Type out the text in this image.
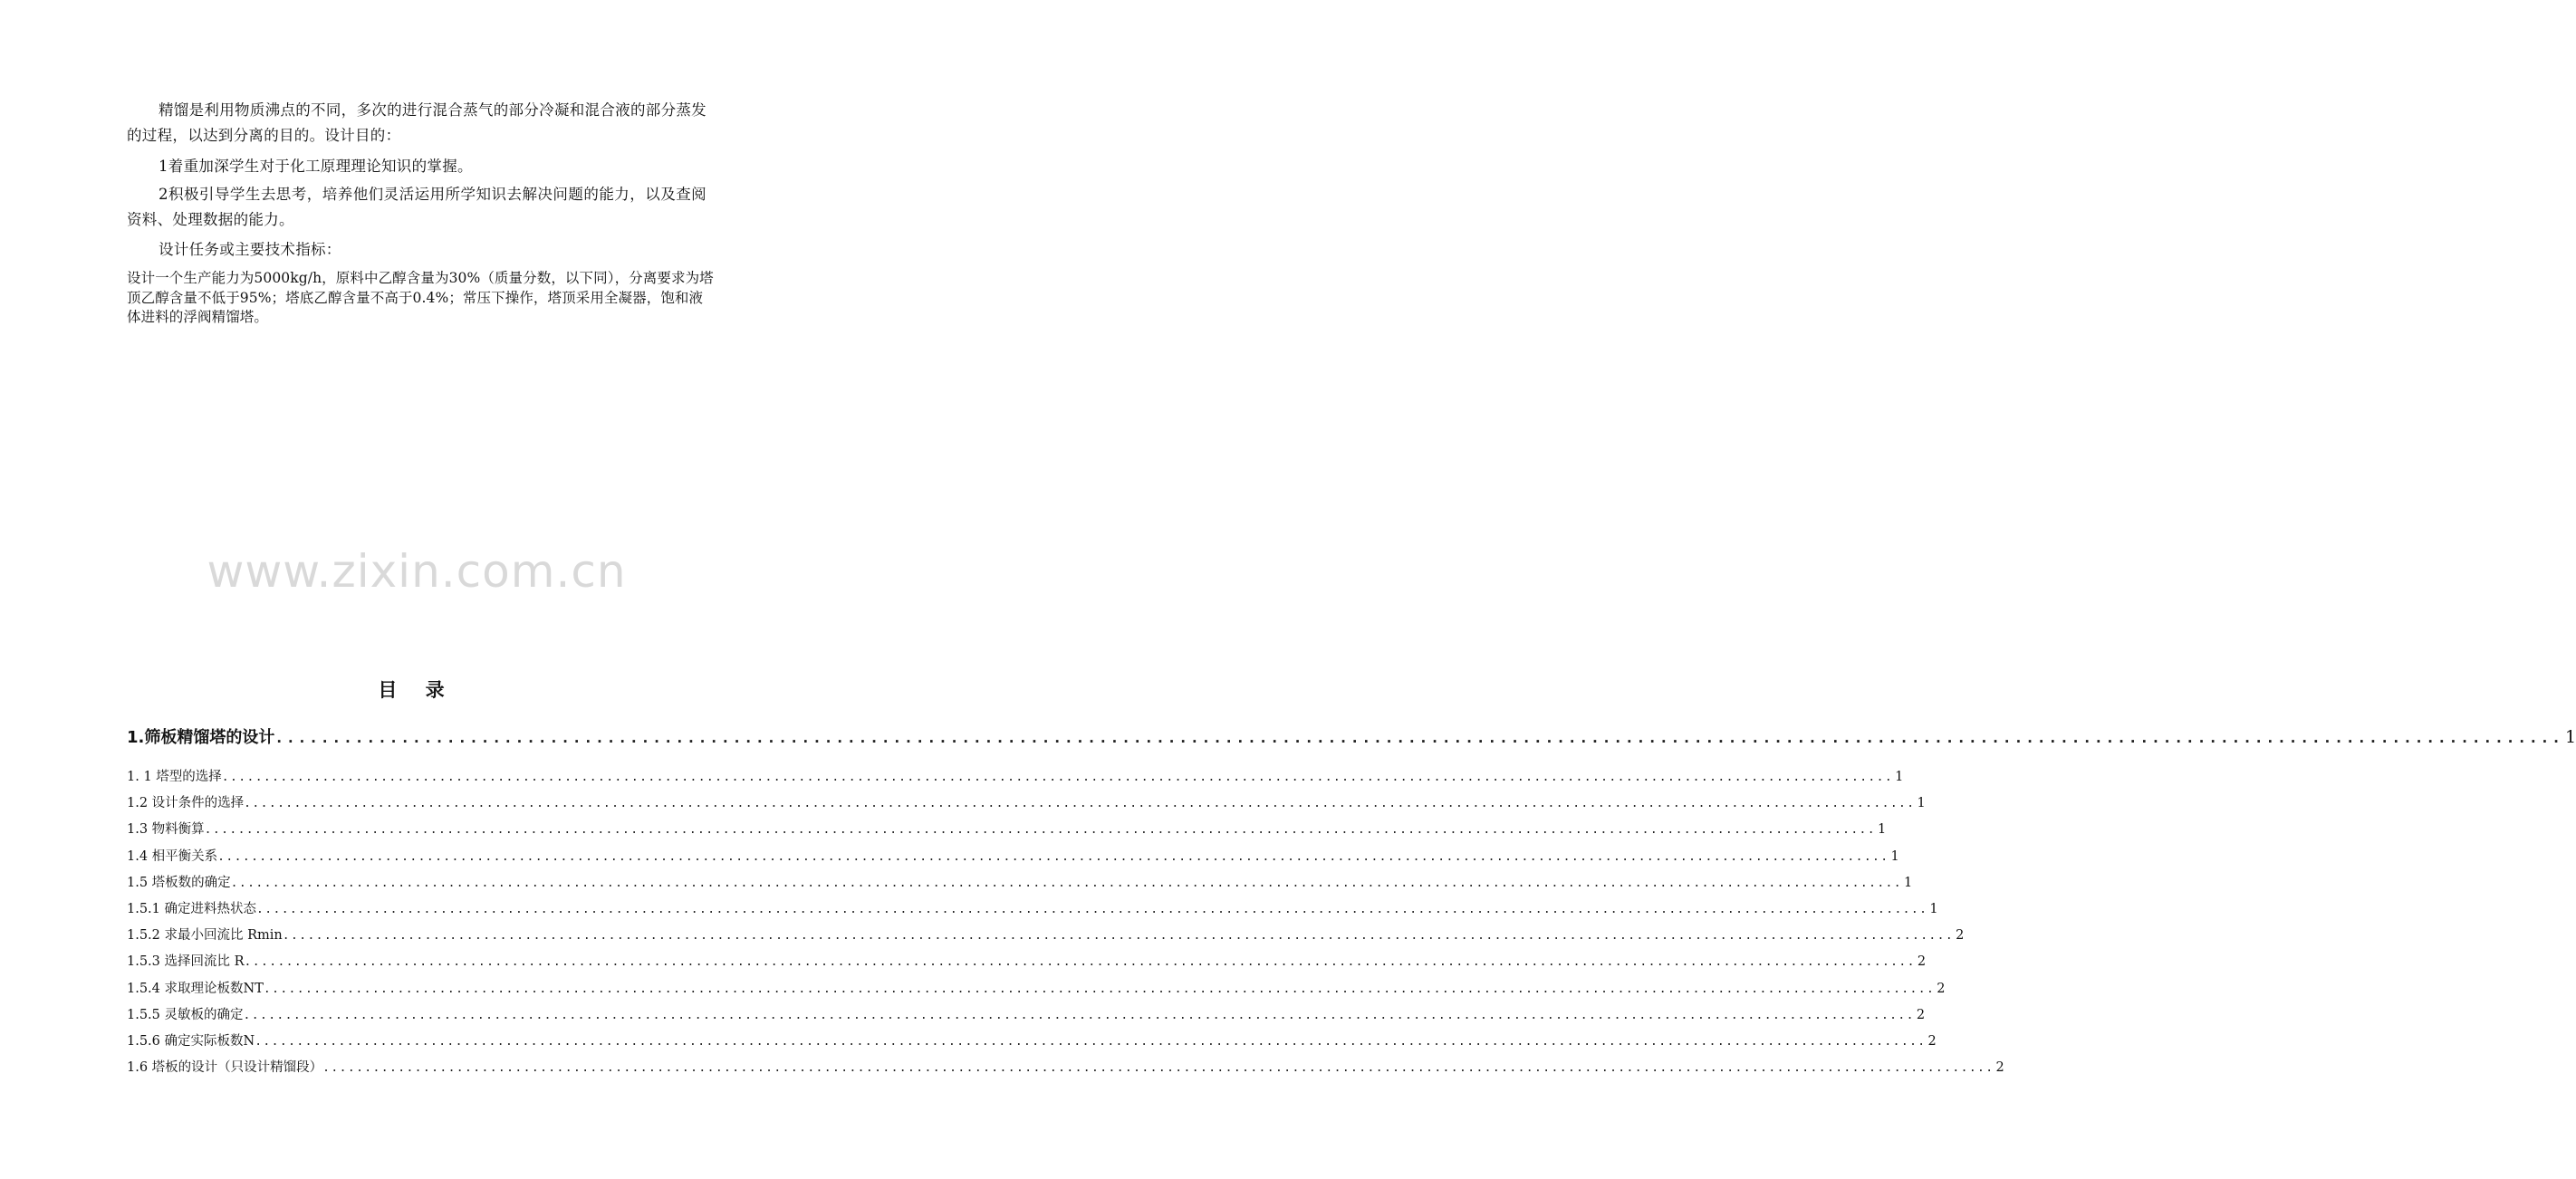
精馏是利用物质沸点的不同，多次的进行混合蒸气的部分冷凝和混合液的部分蒸发的过程，以达到分离的目的。设计目的：

1着重加深学生对于化工原理理论知识的掌握。

2积极引导学生去思考，培养他们灵活运用所学知识去解决问题的能力，以及查阅资料、处理数据的能力。

设计任务或主要技术指标：

设计一个生产能力为5000kg/h，原料中乙醇含量为30%（质量分数，以下同），分离要求为塔顶乙醇含量不低于95%；塔底乙醇含量不高于0.4%；常压下操作，塔顶采用全凝器，饱和液体进料的浮阀精馏塔。

www.zixin.com.cn
目 录
1.筛板精馏塔的设计 ........................................................................................................................................................................................................ 1
1. 1 塔型的选择 ........................................................................................................................................................................................................ 1
1.2 设计条件的选择 ........................................................................................................................................................................................................ 1
1.3 物料衡算 ........................................................................................................................................................................................................ 1
1.4 相平衡关系 ........................................................................................................................................................................................................ 1
1.5 塔板数的确定 ........................................................................................................................................................................................................ 1
1.5.1 确定进料热状态 ........................................................................................................................................................................................................ 1
1.5.2 求最小回流比 Rmin ........................................................................................................................................................................................................ 2
1.5.3 选择回流比 R ........................................................................................................................................................................................................ 2
1.5.4 求取理论板数NT ........................................................................................................................................................................................................ 2
1.5.5 灵敏板的确定 ........................................................................................................................................................................................................ 2
1.5.6 确定实际板数N ........................................................................................................................................................................................................ 2
1.6 塔板的设计（只设计精馏段） ........................................................................................................................................................................................................ 2
